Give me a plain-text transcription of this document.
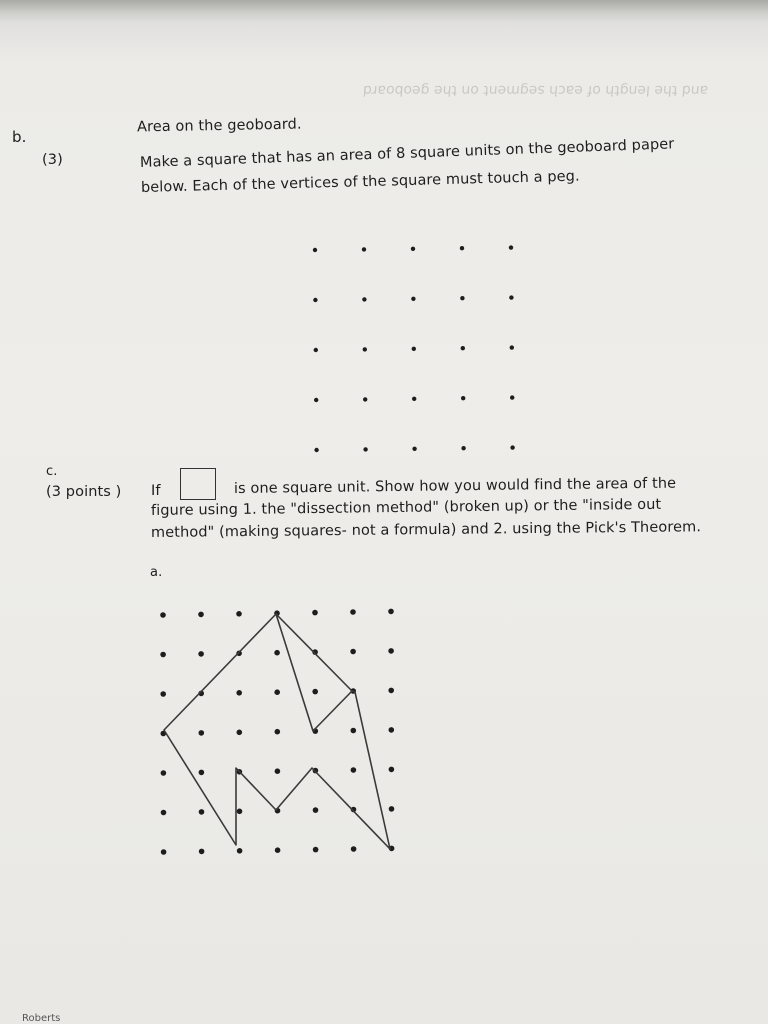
and the length of each segment on the geoboard
b.
Area on the geoboard.
(3)	Make a square that has an area of 8 square units on the geoboard paper
below. Each of the vertices of the square must touch a peg.
c.
(3 points ) If	is one square unit. Show how you would find the area of the
figure using 1. the "dissection method" (broken up) or the "inside out
method" (making squares- not a formula) and 2. using the Pick's Theorem.
a.
Roberts
